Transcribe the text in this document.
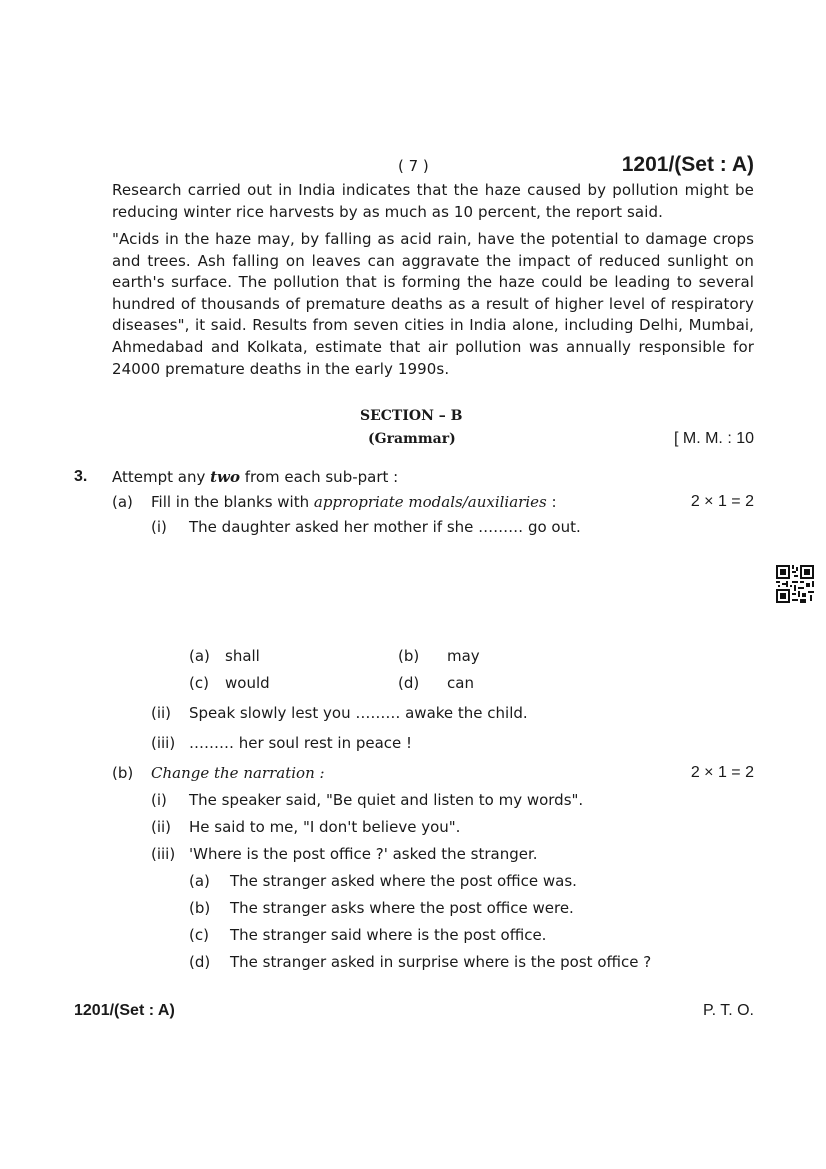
( 7 )	1201/(Set : A)
Research carried out in India indicates that the haze caused by pollution might be reducing winter rice harvests by as much as 10 percent, the report said.
"Acids in the haze may, by falling as acid rain, have the potential to damage crops and trees. Ash falling on leaves can aggravate the impact of reduced sunlight on earth's surface. The pollution that is forming the haze could be leading to several hundred of thousands of premature deaths as a result of higher level of respiratory diseases", it said. Results from seven cities in India alone, including Delhi, Mumbai, Ahmedabad and Kolkata, estimate that air pollution was annually responsible for 24000 premature deaths in the early 1990s.
SECTION – B
(Grammar)	[ M. M. : 10
3. Attempt any two from each sub-part :
(a) Fill in the blanks with appropriate modals/auxiliaries :	2 × 1 = 2
(i) The daughter asked her mother if she ……… go out.
(a) shall	(b) may
(c) would	(d) can
(ii) Speak slowly lest you ……… awake the child.
(iii) ……… her soul rest in peace !
(b) Change the narration :	2 × 1 = 2
(i) The speaker said, "Be quiet and listen to my words".
(ii) He said to me, "I don't believe you".
(iii) 'Where is the post office ?' asked the stranger.
(a) The stranger asked where the post office was.
(b) The stranger asks where the post office were.
(c) The stranger said where is the post office.
(d) The stranger asked in surprise where is the post office ?
1201/(Set : A)	P. T. O.
